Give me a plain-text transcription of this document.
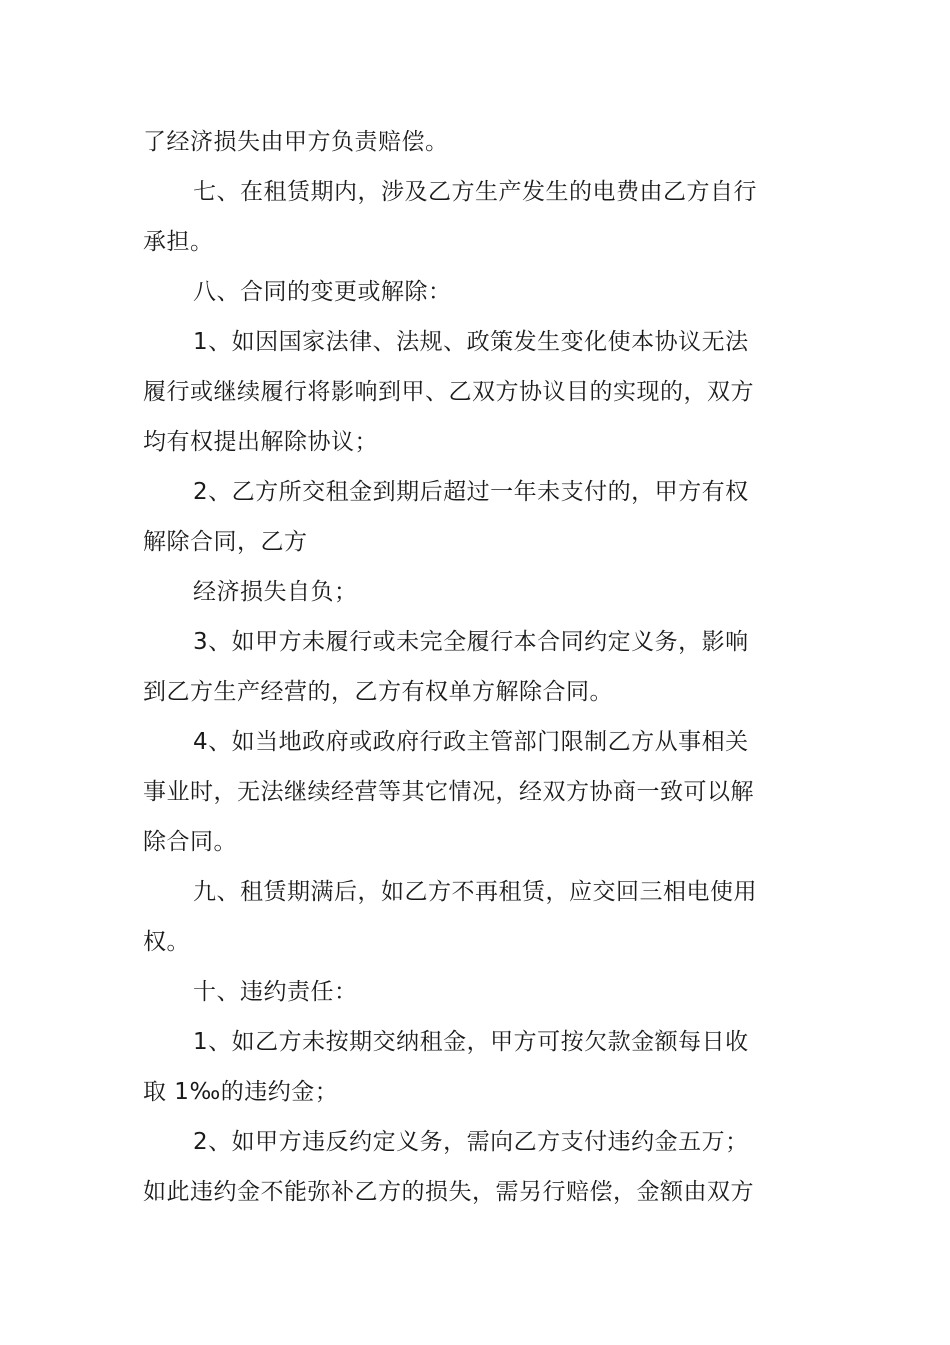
了经济损失由甲方负责赔偿。
七、在租赁期内，涉及乙方生产发生的电费由乙方自行
承担。
八、合同的变更或解除：
1、如因国家法律、法规、政策发生变化使本协议无法
履行或继续履行将影响到甲、乙双方协议目的实现的，双方
均有权提出解除协议；
2、乙方所交租金到期后超过一年未支付的，甲方有权
解除合同，乙方
经济损失自负；
3、如甲方未履行或未完全履行本合同约定义务，影响
到乙方生产经营的，乙方有权单方解除合同。
4、如当地政府或政府行政主管部门限制乙方从事相关
事业时，无法继续经营等其它情况，经双方协商一致可以解
除合同。
九、租赁期满后，如乙方不再租赁，应交回三相电使用
权。
十、违约责任：
1、如乙方未按期交纳租金，甲方可按欠款金额每日收
取 1‰的违约金；
2、如甲方违反约定义务，需向乙方支付违约金五万；
如此违约金不能弥补乙方的损失，需另行赔偿，金额由双方
